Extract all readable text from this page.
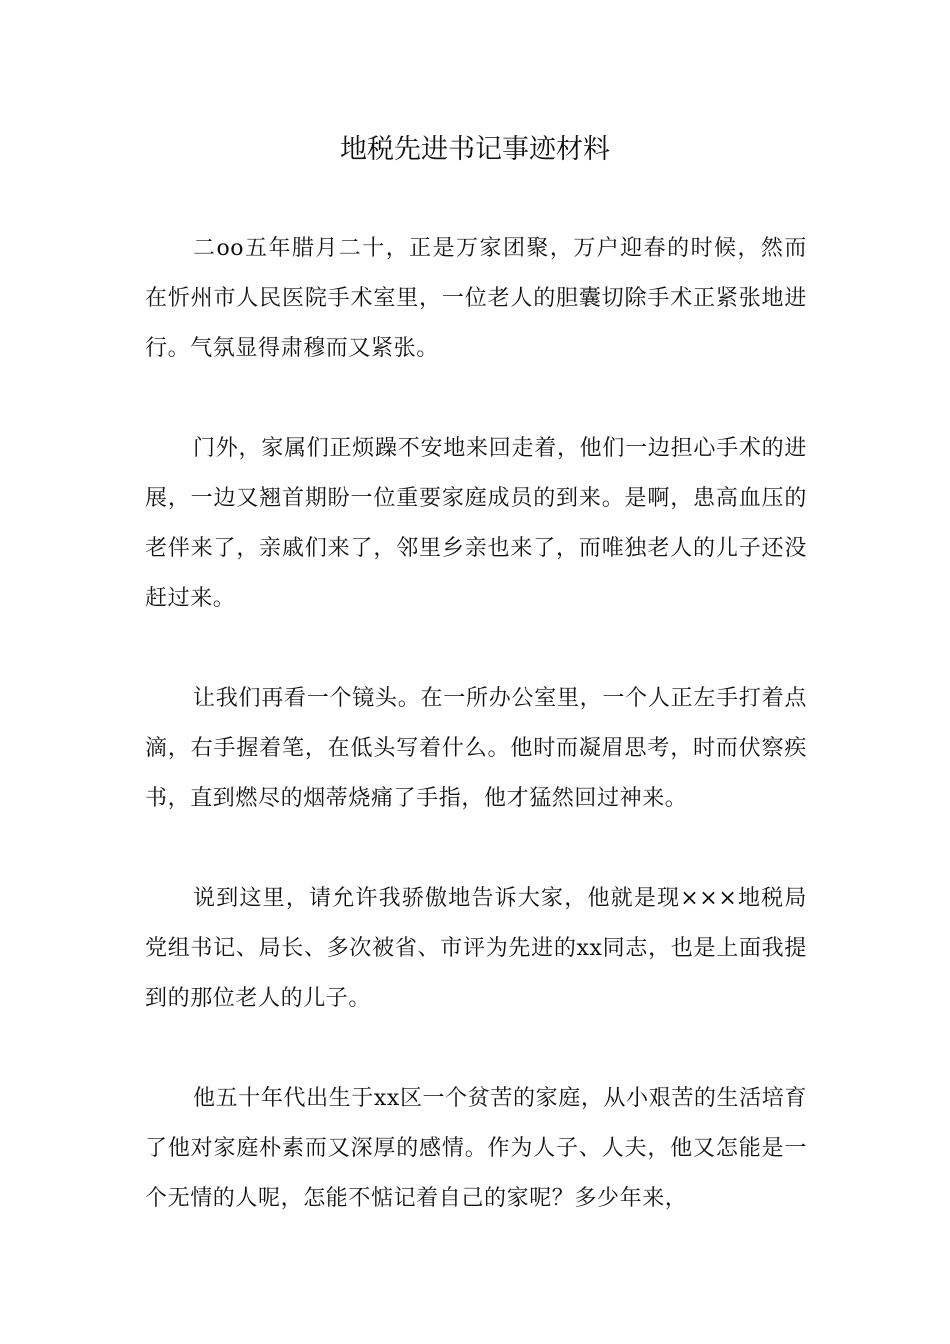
地税先进书记事迹材料

二oo五年腊月二十，正是万家团聚，万户迎春的时候，然而在忻州市人民医院手术室里，一位老人的胆囊切除手术正紧张地进行。气氛显得肃穆而又紧张。

门外，家属们正烦躁不安地来回走着，他们一边担心手术的进展，一边又翘首期盼一位重要家庭成员的到来。是啊，患高血压的老伴来了，亲戚们来了，邻里乡亲也来了，而唯独老人的儿子还没赶过来。

让我们再看一个镜头。在一所办公室里，一个人正左手打着点滴，右手握着笔，在低头写着什么。他时而凝眉思考，时而伏察疾书，直到燃尽的烟蒂烧痛了手指，他才猛然回过神来。

说到这里，请允许我骄傲地告诉大家，他就是现×××地税局党组书记、局长、多次被省、市评为先进的xx同志，也是上面我提到的那位老人的儿子。

他五十年代出生于xx区一个贫苦的家庭，从小艰苦的生活培育了他对家庭朴素而又深厚的感情。作为人子、人夫，他又怎能是一个无情的人呢，怎能不惦记着自己的家呢？多少年来，
